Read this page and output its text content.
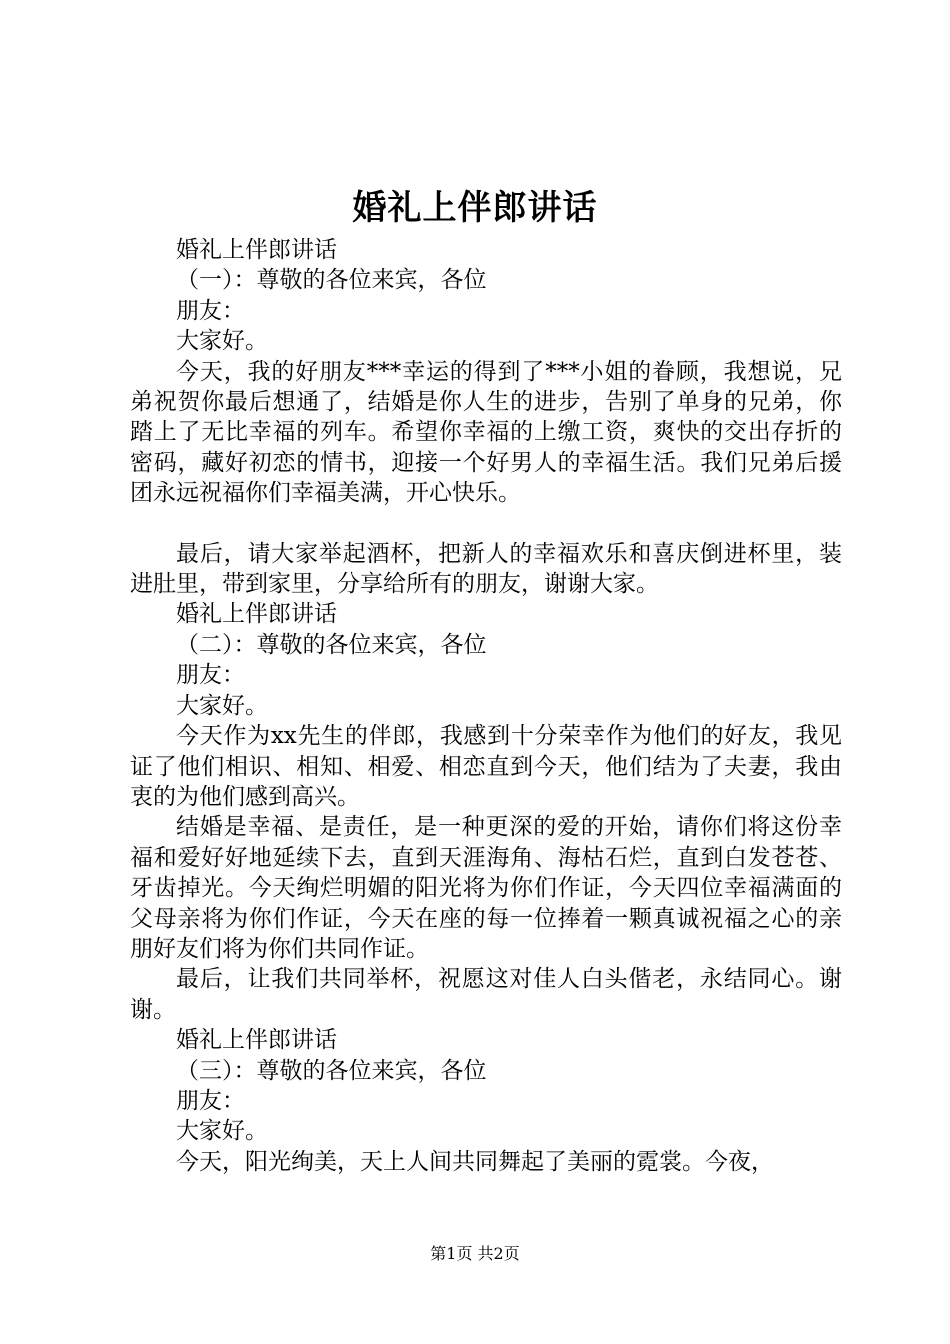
婚礼上伴郎讲话

婚礼上伴郎讲话

（一）：尊敬的各位来宾，各位

朋友：

大家好。

今天，我的好朋友***幸运的得到了***小姐的眷顾，我想说，兄弟祝贺你最后想通了，结婚是你人生的进步，告别了单身的兄弟，你踏上了无比幸福的列车。希望你幸福的上缴工资，爽快的交出存折的密码，藏好初恋的情书，迎接一个好男人的幸福生活。我们兄弟后援团永远祝福你们幸福美满，开心快乐。

最后，请大家举起酒杯，把新人的幸福欢乐和喜庆倒进杯里，装进肚里，带到家里，分享给所有的朋友，谢谢大家。

婚礼上伴郎讲话

（二）：尊敬的各位来宾，各位

朋友：

大家好。

今天作为xx先生的伴郎，我感到十分荣幸作为他们的好友，我见证了他们相识、相知、相爱、相恋直到今天，他们结为了夫妻，我由衷的为他们感到高兴。

结婚是幸福、是责任，是一种更深的爱的开始，请你们将这份幸福和爱好好地延续下去，直到天涯海角、海枯石烂，直到白发苍苍、牙齿掉光。今天绚烂明媚的阳光将为你们作证，今天四位幸福满面的父母亲将为你们作证，今天在座的每一位捧着一颗真诚祝福之心的亲朋好友们将为你们共同作证。

最后，让我们共同举杯，祝愿这对佳人白头偕老，永结同心。谢谢。

婚礼上伴郎讲话

（三）：尊敬的各位来宾，各位

朋友：

大家好。

今天，阳光绚美，天上人间共同舞起了美丽的霓裳。今夜，

第1页 共2页
